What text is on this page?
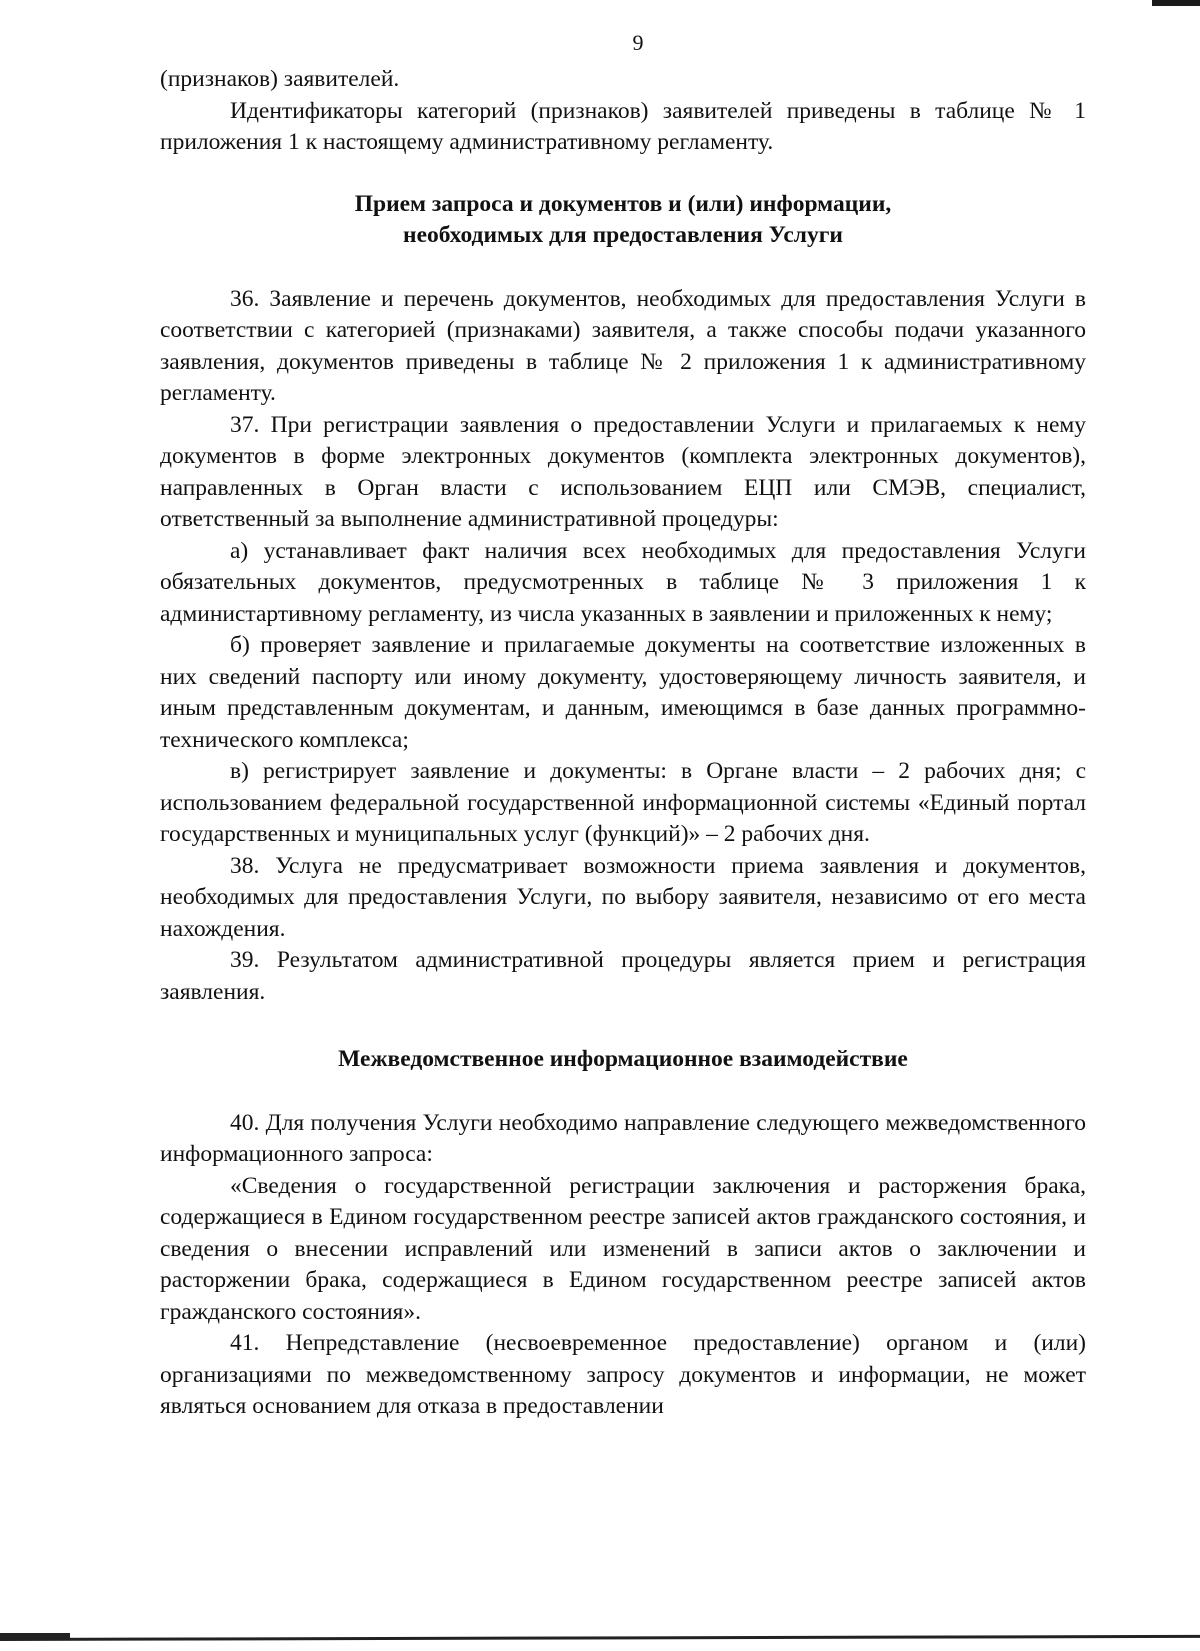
9

(признаков) заявителей.

Идентификаторы категорий (признаков) заявителей приведены в таблице № 1 приложения 1 к настоящему административному регламенту.

Прием запроса и документов и (или) информации,
необходимых для предоставления Услуги

36. Заявление и перечень документов, необходимых для предоставления Услуги в соответствии с категорией (признаками) заявителя, а также способы подачи указанного заявления, документов приведены в таблице № 2 приложения 1 к административному регламенту.

37. При регистрации заявления о предоставлении Услуги и прилагаемых к нему документов в форме электронных документов (комплекта электронных документов), направленных в Орган власти с использованием ЕЦП или СМЭВ, специалист, ответственный за выполнение административной процедуры:

а) устанавливает факт наличия всех необходимых для предоставления Услуги обязательных документов, предусмотренных в таблице № 3 приложения 1 к администартивному регламенту, из числа указанных в заявлении и приложенных к нему;

б) проверяет заявление и прилагаемые документы на соответствие изложенных в них сведений паспорту или иному документу, удостоверяющему личность заявителя, и иным представленным документам, и данным, имеющимся в базе данных программно-технического комплекса;

в) регистрирует заявление и документы: в Органе власти – 2 рабочих дня; с использованием федеральной государственной информационной системы «Единый портал государственных и муниципальных услуг (функций)» – 2 рабочих дня.

38. Услуга не предусматривает возможности приема заявления и документов, необходимых для предоставления Услуги, по выбору заявителя, независимо от его места нахождения.

39. Результатом административной процедуры является прием и регистрация заявления.

Межведомственное информационное взаимодействие

40. Для получения Услуги необходимо направление следующего межведомственного информационного запроса:

«Сведения о государственной регистрации заключения и расторжения брака, содержащиеся в Едином государственном реестре записей актов гражданского состояния, и сведения о внесении исправлений или изменений в записи актов о заключении и расторжении брака, содержащиеся в Едином государственном реестре записей актов гражданского состояния».

41. Непредставление (несвоевременное предоставление) органом и (или) организациями по межведомственному запросу документов и информации, не может являться основанием для отказа в предоставлении
